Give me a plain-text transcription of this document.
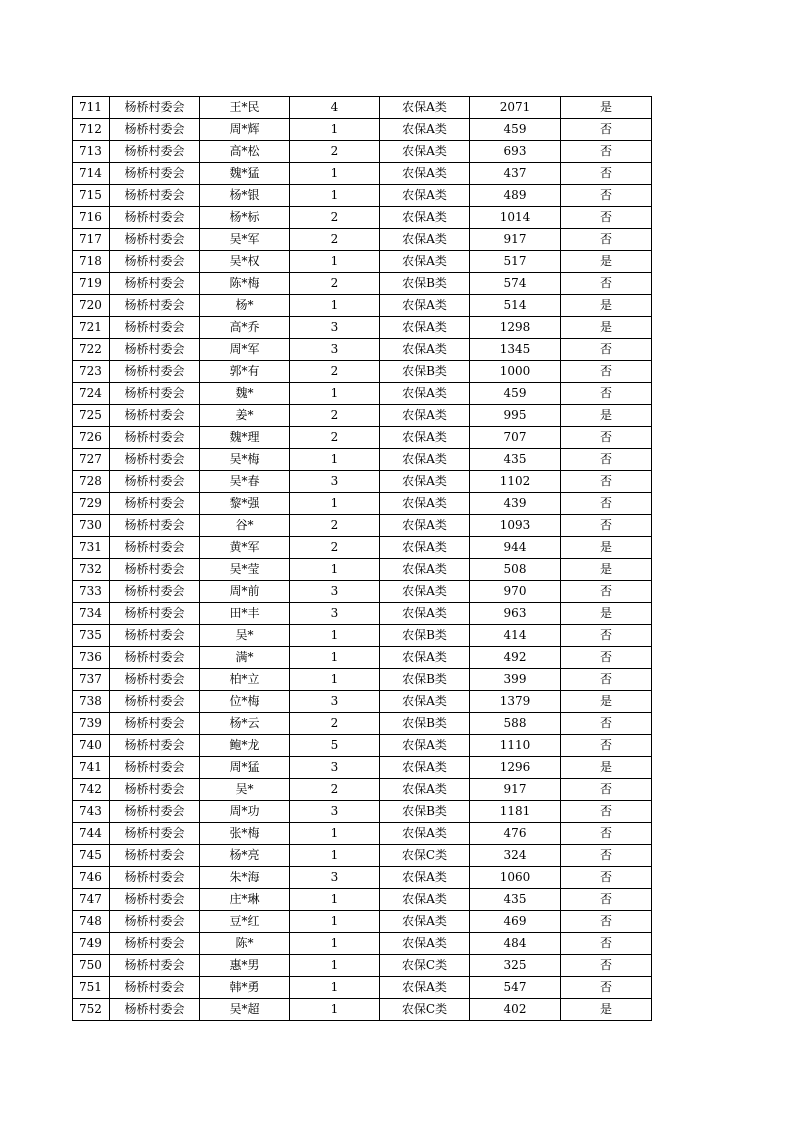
711	杨桥村委会	王*民	4	农保A类	2071	是
712	杨桥村委会	周*辉	1	农保A类	459	否
713	杨桥村委会	高*松	2	农保A类	693	否
714	杨桥村委会	魏*猛	1	农保A类	437	否
715	杨桥村委会	杨*银	1	农保A类	489	否
716	杨桥村委会	杨*标	2	农保A类	1014	否
717	杨桥村委会	吴*军	2	农保A类	917	否
718	杨桥村委会	吴*权	1	农保A类	517	是
719	杨桥村委会	陈*梅	2	农保B类	574	否
720	杨桥村委会	杨*	1	农保A类	514	是
721	杨桥村委会	高*乔	3	农保A类	1298	是
722	杨桥村委会	周*军	3	农保A类	1345	否
723	杨桥村委会	郭*有	2	农保B类	1000	否
724	杨桥村委会	魏*	1	农保A类	459	否
725	杨桥村委会	姜*	2	农保A类	995	是
726	杨桥村委会	魏*理	2	农保A类	707	否
727	杨桥村委会	吴*梅	1	农保A类	435	否
728	杨桥村委会	吴*春	3	农保A类	1102	否
729	杨桥村委会	黎*强	1	农保A类	439	否
730	杨桥村委会	谷*	2	农保A类	1093	否
731	杨桥村委会	黄*军	2	农保A类	944	是
732	杨桥村委会	吴*莹	1	农保A类	508	是
733	杨桥村委会	周*前	3	农保A类	970	否
734	杨桥村委会	田*丰	3	农保A类	963	是
735	杨桥村委会	吴*	1	农保B类	414	否
736	杨桥村委会	满*	1	农保A类	492	否
737	杨桥村委会	柏*立	1	农保B类	399	否
738	杨桥村委会	位*梅	3	农保A类	1379	是
739	杨桥村委会	杨*云	2	农保B类	588	否
740	杨桥村委会	鲍*龙	5	农保A类	1110	否
741	杨桥村委会	周*猛	3	农保A类	1296	是
742	杨桥村委会	吴*	2	农保A类	917	否
743	杨桥村委会	周*功	3	农保B类	1181	否
744	杨桥村委会	张*梅	1	农保A类	476	否
745	杨桥村委会	杨*亮	1	农保C类	324	否
746	杨桥村委会	朱*海	3	农保A类	1060	否
747	杨桥村委会	庄*琳	1	农保A类	435	否
748	杨桥村委会	豆*红	1	农保A类	469	否
749	杨桥村委会	陈*	1	农保A类	484	否
750	杨桥村委会	惠*男	1	农保C类	325	否
751	杨桥村委会	韩*勇	1	农保A类	547	否
752	杨桥村委会	吴*超	1	农保C类	402	是
